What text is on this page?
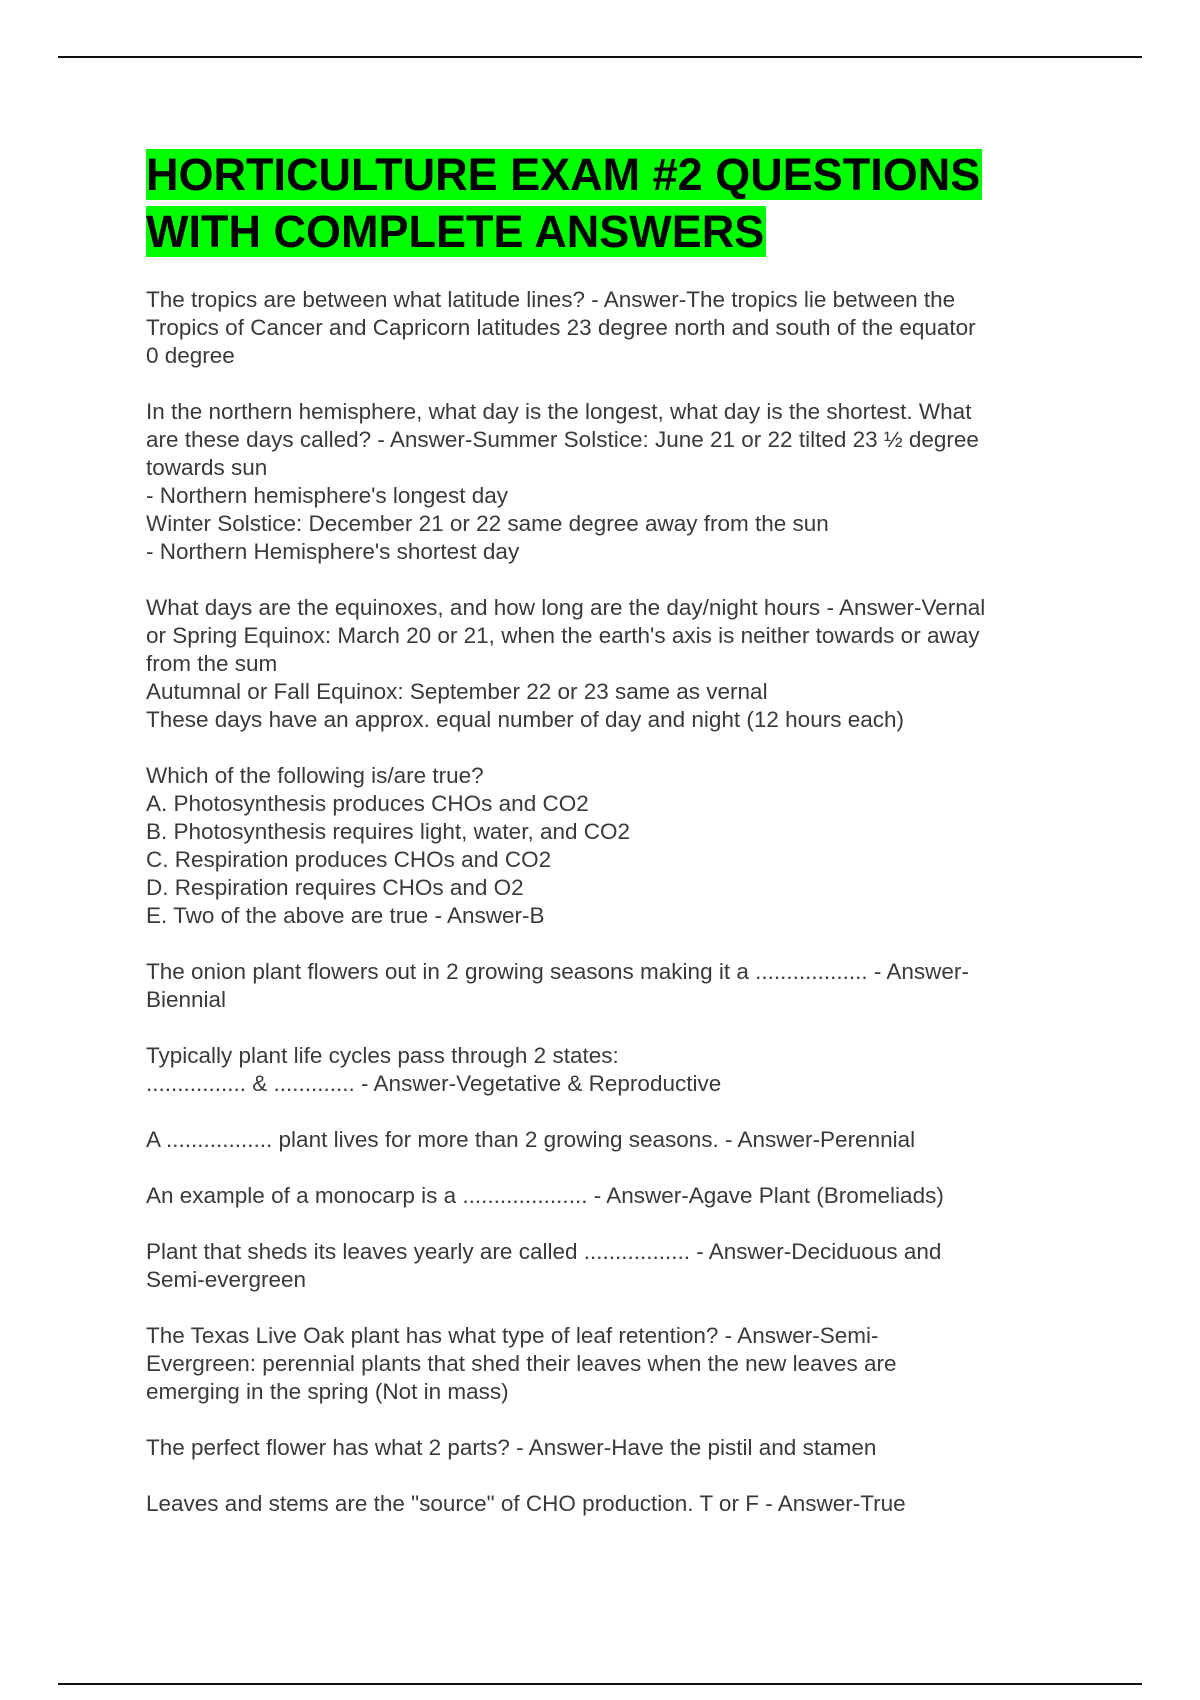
HORTICULTURE EXAM #2 QUESTIONS WITH COMPLETE ANSWERS
The tropics are between what latitude lines? - Answer-The tropics lie between the
Tropics of Cancer and Capricorn latitudes 23 degree north and south of the equator
0 degree
In the northern hemisphere, what day is the longest, what day is the shortest. What
are these days called? - Answer-Summer Solstice: June 21 or 22 tilted 23 ½ degree
towards sun
- Northern hemisphere's longest day
Winter Solstice: December 21 or 22 same degree away from the sun
- Northern Hemisphere's shortest day
What days are the equinoxes, and how long are the day/night hours - Answer-Vernal
or Spring Equinox: March 20 or 21, when the earth's axis is neither towards or away
from the sum
Autumnal or Fall Equinox: September 22 or 23 same as vernal
These days have an approx. equal number of day and night (12 hours each)
Which of the following is/are true?
A. Photosynthesis produces CHOs and CO2
B. Photosynthesis requires light, water, and CO2
C. Respiration produces CHOs and CO2
D. Respiration requires CHOs and O2
E. Two of the above are true - Answer-B
The onion plant flowers out in 2 growing seasons making it a .................. - Answer-
Biennial
Typically plant life cycles pass through 2 states:
................ & ............. - Answer-Vegetative & Reproductive
A ................. plant lives for more than 2 growing seasons. - Answer-Perennial
An example of a monocarp is a .................... - Answer-Agave Plant (Bromeliads)
Plant that sheds its leaves yearly are called ................. - Answer-Deciduous and
Semi-evergreen
The Texas Live Oak plant has what type of leaf retention? - Answer-Semi-
Evergreen: perennial plants that shed their leaves when the new leaves are
emerging in the spring (Not in mass)
The perfect flower has what 2 parts? - Answer-Have the pistil and stamen
Leaves and stems are the "source" of CHO production. T or F - Answer-True
